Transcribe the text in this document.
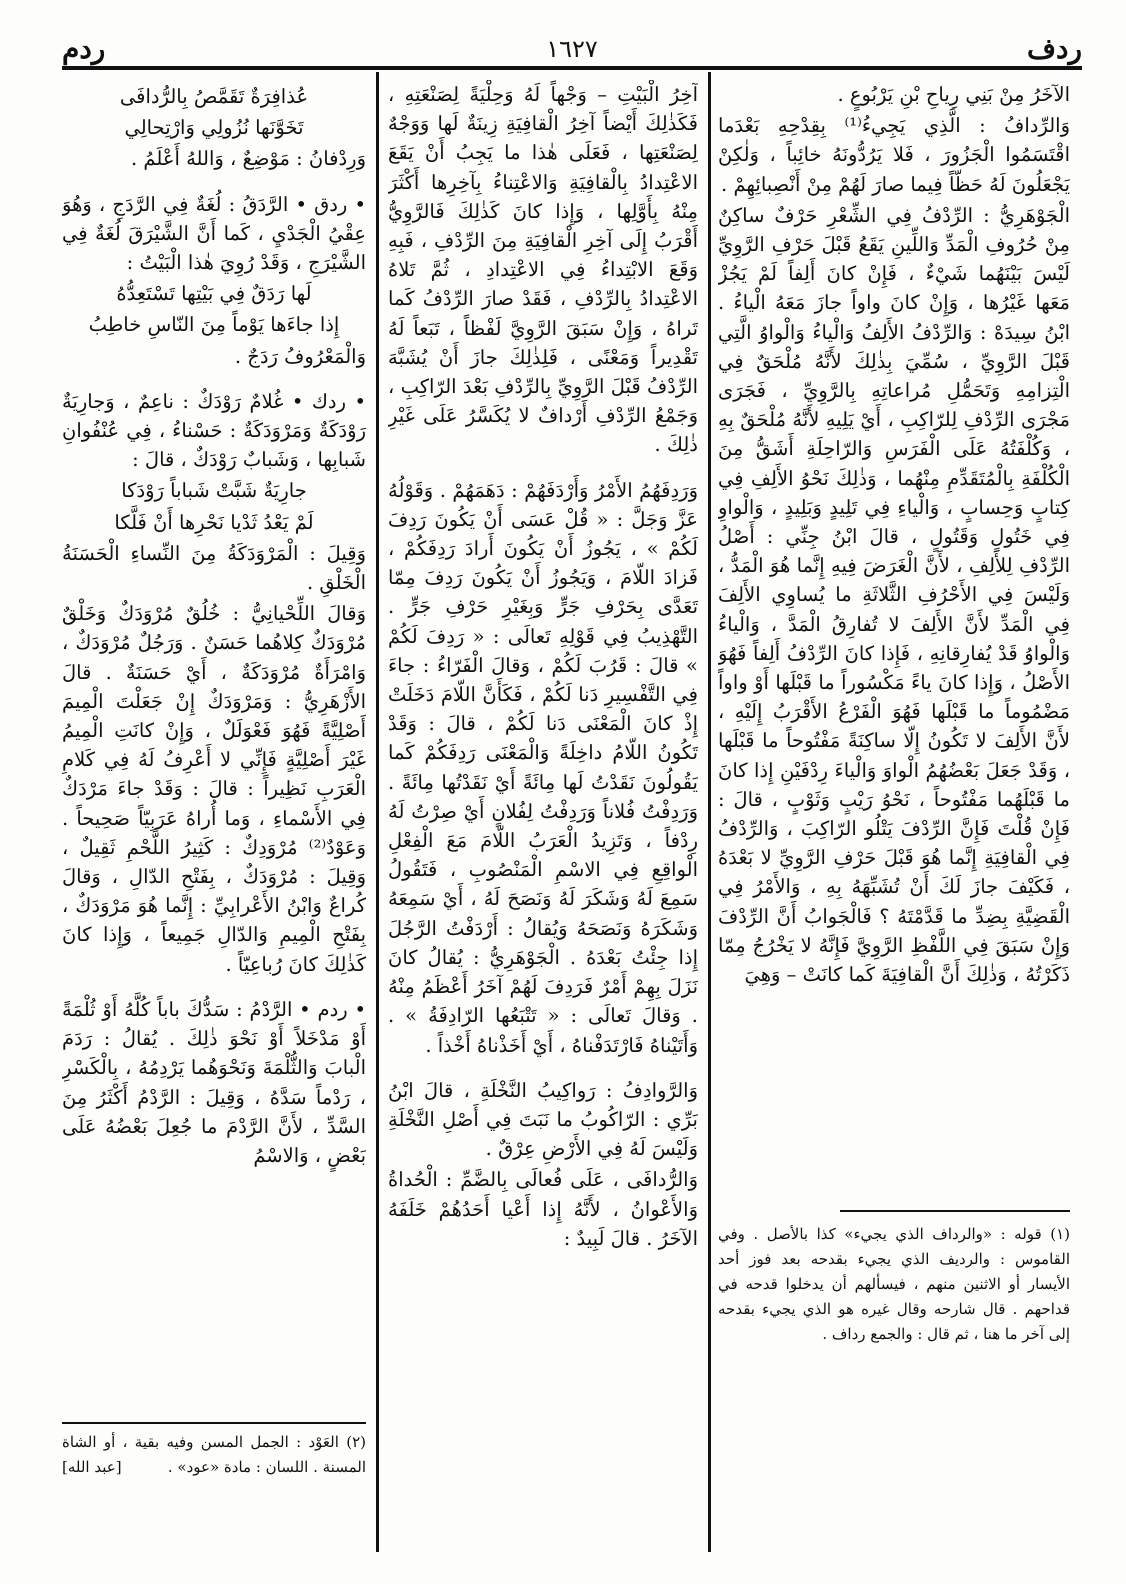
ردف
١٦٢٧
ردم

الآخَرُ مِنْ بَنِي رِياحِ بْنِ يَرْبُوعٍ .

وَالرِّدافُ : الَّذِي يَجِيءُ⁽¹⁾ بِقِدْحِهِ بَعْدَما اقْتَسَمُوا الْجَزُورَ ، فَلا يَرُدُّونَهُ خائِباً ، وَلٰكِنْ يَجْعَلُونَ لَهُ حَظّاً فِيما صارَ لَهُمْ مِنْ أَنْصِبائِهِمْ .

الْجَوْهَرِيُّ : الرِّدْفُ فِي الشِّعْرِ حَرْفٌ ساكِنٌ مِنْ حُرُوفِ الْمَدِّ وَاللِّينِ يَقَعُ قَبْلَ حَرْفِ الرَّوِيِّ لَيْسَ بَيْنَهُما شَيْءٌ ، فَإِنْ كانَ أَلِفاً لَمْ يَجُزْ مَعَها غَيْرُها ، وَإِنْ كانَ واواً جازَ مَعَهُ الْياءُ . ابْنُ سِيدَهْ : وَالرِّدْفُ الأَلِفُ وَالْياءُ وَالْواوُ الَّتِي قَبْلَ الرَّوِيِّ ، سُمِّيَ بِذٰلِكَ لأَنَّهُ مُلْحَقٌ فِي الْتِزامِهِ وَتَحَمُّلِ مُراعاتِهِ بِالرَّوِيِّ ، فَجَرَى مَجْرَى الرِّدْفِ لِلرّاكِبِ ، أَيْ يَلِيهِ لأَنَّهُ مُلْحَقٌ بِهِ ، وَكُلْفَتُهُ عَلَى الْفَرَسِ وَالرّاحِلَةِ أَشَقُّ مِنَ الْكُلْفَةِ بِالْمُتَقَدِّمِ مِنْهُما ، وَذٰلِكَ نَحْوُ الأَلِفِ فِي كِتابٍ وَحِسابٍ ، وَالْياءِ فِي تَلِيدٍ وَبَلِيدٍ ، وَالْواوِ فِي خَتُولٍ وَقَتُولٍ ، قالَ ابْنُ جِنِّي : أَصْلُ الرِّدْفِ لِلأَلِفِ ، لأَنَّ الْغَرَضَ فِيهِ إِنَّما هُوَ الْمَدُّ ، وَلَيْسَ فِي الأَحْرُفِ الثَّلاثَةِ ما يُساوِي الأَلِفَ فِي الْمَدِّ لأَنَّ الأَلِفَ لا تُفارِقُ الْمَدَّ ، وَالْياءُ وَالْواوُ قَدْ يُفارِقانِهِ ، فَإِذا كانَ الرِّدْفُ أَلِفاً فَهُوَ الأَصْلُ ، وَإِذا كانَ ياءً مَكْسُوراً ما قَبْلَها أَوْ واواً مَضْمُوماً ما قَبْلَها فَهُوَ الْفَرْعُ الأَقْرَبُ إِلَيْهِ ، لأَنَّ الأَلِفَ لا تَكُونُ إِلّا ساكِنَةً مَفْتُوحاً ما قَبْلَها ، وَقَدْ جَعَلَ بَعْضُهُمُ الْواوَ وَالْياءَ رِدْفَيْنِ إِذا كانَ ما قَبْلَهُما مَفْتُوحاً ، نَحْوُ رَيْبٍ وَثَوْبٍ ، قالَ : فَإِنْ قُلْتَ فَإِنَّ الرِّدْفَ يَتْلُو الرّاكِبَ ، وَالرِّدْفُ فِي الْقافِيَةِ إِنَّما هُوَ قَبْلَ حَرْفِ الرَّوِيِّ لا بَعْدَهُ ، فَكَيْفَ جازَ لَكَ أَنْ تُشَبِّهَهُ بِهِ ، وَالأَمْرُ فِي الْقَضِيَّةِ بِضِدِّ ما قَدَّمْتَهُ ؟ فَالْجَوابُ أَنَّ الرِّدْفَ وَإِنْ سَبَقَ فِي اللَّفْظِ الرَّوِيَّ فَإِنَّهُ لا يَخْرُجُ مِمّا ذَكَرْتُهُ ، وَذٰلِكَ أَنَّ الْقافِيَةَ كَما كانَتْ – وَهِيَ

(١) قوله : «والرداف الذي يجيء» كذا بالأصل . وفي القاموس : والرديف الذي يجيء بقدحه بعد فوز أحد الأيسار أو الاثنين منهم ، فيسألهم أن يدخلوا قدحه في قداحهم . قال شارحه وقال غيره هو الذي يجيء بقدحه إلى آخر ما هنا ، ثم قال : والجمع رداف .

آخِرُ الْبَيْتِ – وَجْهاً لَهُ وَحِلْيَةً لِصَنْعَتِهِ ، فَكَذٰلِكَ أَيْضاً آخِرُ الْقافِيَةِ زِينَةٌ لَها وَوَجْهٌ لِصَنْعَتِها ، فَعَلَى هٰذا ما يَجِبُ أَنْ يَقَعَ الاعْتِدادُ بِالْقافِيَةِ وَالاعْتِناءُ بِآخِرِها أَكْثَرَ مِنْهُ بِأَوَّلِها ، وَإِذا كانَ كَذٰلِكَ فَالرَّوِيُّ أَقْرَبُ إِلَى آخِرِ الْقافِيَةِ مِنَ الرِّدْفِ ، فَبِهِ وَقَعَ الابْتِداءُ فِي الاعْتِدادِ ، ثُمَّ تَلاهُ الاعْتِدادُ بِالرِّدْفِ ، فَقَدْ صارَ الرِّدْفُ كَما تَراهُ ، وَإِنْ سَبَقَ الرَّوِيَّ لَفْظاً ، تَبَعاً لَهُ تَقْدِيراً وَمَعْنًى ، فَلِذٰلِكَ جازَ أَنْ يُشَبَّهَ الرِّدْفُ قَبْلَ الرَّوِيِّ بِالرِّدْفِ بَعْدَ الرّاكِبِ ، وَجَمْعُ الرِّدْفِ أَرْدافٌ لا يُكَسَّرُ عَلَى غَيْرِ ذٰلِكَ .

وَرَدِفَهُمُ الأَمْرُ وَأَرْدَفَهُمْ : دَهَمَهُمْ . وَقَوْلُهُ عَزَّ وَجَلَّ : « قُلْ عَسَى أَنْ يَكُونَ رَدِفَ لَكُمْ » ، يَجُوزُ أَنْ يَكُونَ أَرادَ رَدِفَكُمْ ، فَزادَ اللّامَ ، وَيَجُوزُ أَنْ يَكُونَ رَدِفَ مِمّا تَعَدَّى بِحَرْفِ جَرٍّ وَبِغَيْرِ حَرْفِ جَرٍّ . التَّهْذِيبُ فِي قَوْلِهِ تَعالَى : « رَدِفَ لَكُمْ » قالَ : قَرُبَ لَكُمْ ، وَقالَ الْفَرّاءُ : جاءَ فِي التَّفْسِيرِ دَنا لَكُمْ ، فَكَأَنَّ اللّامَ دَخَلَتْ إِذْ كانَ الْمَعْنَى دَنا لَكُمْ ، قالَ : وَقَدْ تَكُونُ اللّامُ داخِلَةً وَالْمَعْنَى رَدِفَكُمْ كَما يَقُولُونَ نَقَدْتُ لَها مِائَةً أَيْ نَقَدْتُها مِائَةً . وَرَدِفْتُ فُلاناً وَرَدِفْتُ لِفُلانٍ أَيْ صِرْتُ لَهُ رِدْفاً ، وَتَزِيدُ الْعَرَبُ اللّامَ مَعَ الْفِعْلِ الْواقِعِ فِي الاسْمِ الْمَنْصُوبِ ، فَتَقُولُ سَمِعَ لَهُ وَشَكَرَ لَهُ وَنَصَحَ لَهُ ، أَيْ سَمِعَهُ وَشَكَرَهُ وَنَصَحَهُ وَيُقالُ : أَرْدَفْتُ الرَّجُلَ إِذا جِئْتُ بَعْدَهُ . الْجَوْهَرِيُّ : يُقالُ كانَ نَزَلَ بِهِمْ أَمْرٌ فَرَدِفَ لَهُمْ آخَرُ أَعْظَمُ مِنْهُ . وَقالَ تَعالَى : « تَتْبَعُها الرّادِفَةُ » . وَأَتَيْناهُ فَارْتَدَفْناهُ ، أَيْ أَخَذْناهُ أَخْذاً .

وَالرَّوادِفُ : رَواكِيبُ النَّخْلَةِ ، قالَ ابْنُ بَرِّي : الرّاكُوبُ ما نَبَتَ فِي أَصْلِ النَّخْلَةِ وَلَيْسَ لَهُ فِي الأَرْضِ عِرْقٌ .

وَالرُّدافَى ، عَلَى فُعالَى بِالضَّمِّ : الْحُداةُ وَالأَعْوانُ ، لأَنَّهُ إِذا أَعْيا أَحَدُهُمْ خَلَفَهُ الآخَرُ . قالَ لَبِيدٌ :

عُذافِرَةٌ تَقَمَّصُ بِالرُّدافَى

تَخَوَّنَها نُزُولِي وَارْتِحالِي

وَرِدْفانُ : مَوْضِعٌ ، وَاللهُ أَعْلَمُ .

• ردق • الرَّدَقُ : لُغَةٌ فِي الرَّدَجِ ، وَهُوَ عِقْيُ الْجَدْيِ ، كَما أَنَّ الشَّيْرَقَ لُغَةٌ فِي الشَّيْرَجِ ، وَقَدْ رُوِيَ هٰذا الْبَيْتُ :

لَها رَدَقٌ فِي بَيْتِها تَسْتَعِدُّهُ

إِذا جاءَها يَوْماً مِنَ النّاسِ خاطِبُ

وَالْمَعْرُوفُ رَدَجٌ .

• ردك • غُلامٌ رَوْدَكٌ : ناعِمٌ ، وَجارِيَةٌ رَوْدَكَةٌ وَمَرْوَدَكَةٌ : حَسْناءُ ، فِي عُنْفُوانِ شَبابِها ، وَشَبابٌ رَوْدَكٌ ، قالَ :

جارِيَةٌ شَبَّتْ شَباباً رَوْدَكا

لَمْ يَعْدُ ثَدْيا نَحْرِها أَنْ فَلَّكا

وَقِيلَ : الْمَرْوَدَكَةُ مِنَ النِّساءِ الْحَسَنَةُ الْخَلْقِ .

وَقالَ اللِّحْيانِيُّ : خُلُقٌ مُرْوَدَكٌ وَخَلْقٌ مُرْوَدَكٌ كِلاهُما حَسَنٌ . وَرَجُلٌ مُرْوَدَكٌ ، وَامْرَأَةٌ مُرْوَدَكَةٌ ، أَيْ حَسَنَةٌ . قالَ الأَزْهَرِيُّ : وَمَرْوَدَكٌ إِنْ جَعَلْتَ الْمِيمَ أَصْلِيَّةً فَهُوَ فَعْوَلَلٌ ، وَإِنْ كانَتِ الْمِيمُ غَيْرَ أَصْلِيَّةٍ فَإِنِّي لا أَعْرِفُ لَهُ فِي كَلامِ الْعَرَبِ نَظِيراً : قالَ : وَقَدْ جاءَ مَرْدَكٌ فِي الأَسْماءِ ، وَما أُراهُ عَرَبِيّاً صَحِيحاً . وَعَوْدٌ⁽²⁾ مُرْوَدِكٌ : كَثِيرُ اللَّحْمِ ثَقِيلٌ ، وَقِيلَ : مُرْوَدَكٌ ، بِفَتْحِ الدّالِ ، وَقالَ كُراعٌ وَابْنُ الأَعْرابِيِّ : إِنَّما هُوَ مَرْوَدَكٌ ، بِفَتْحِ الْمِيمِ وَالدّالِ جَمِيعاً ، وَإِذا كانَ كَذٰلِكَ كانَ رُباعِيّاً .

• ردم • الرَّدْمُ : سَدُّكَ باباً كُلَّهُ أَوْ ثُلْمَةً أَوْ مَدْخَلاً أَوْ نَحْوَ ذٰلِكَ . يُقالُ : رَدَمَ الْبابَ وَالثُّلْمَةَ وَنَحْوَهُما يَرْدِمُهُ ، بِالْكَسْرِ ، رَدْماً سَدَّهُ ، وَقِيلَ : الرَّدْمُ أَكْثَرُ مِنَ السَّدِّ ، لأَنَّ الرَّدْمَ ما جُعِلَ بَعْضُهُ عَلَى بَعْضٍ ، وَالاسْمُ

(٢) العَوْد : الجمل المسن وفيه بقية ، أو الشاة المسنة . اللسان : مادة «عود» .
[عبد الله]
